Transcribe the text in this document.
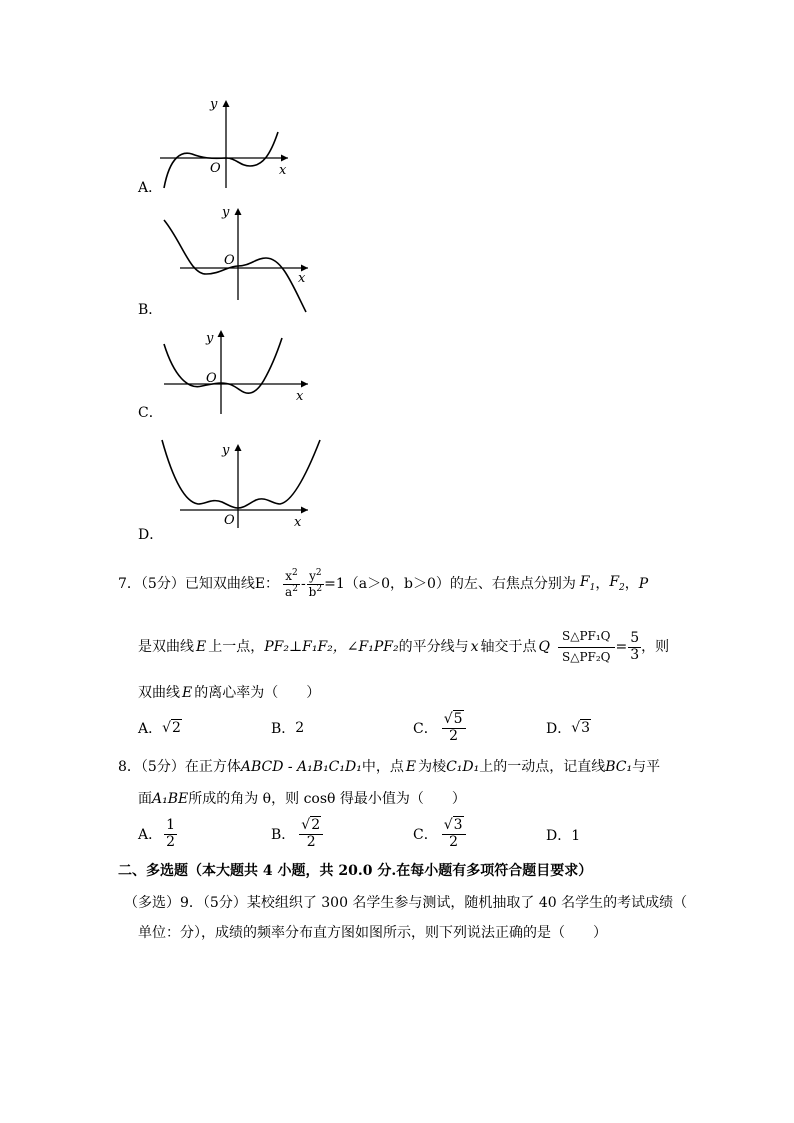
y
O	x
A．
y
O
x
B．
y
O
x
C．
y
O	x
D．
7．（5分）已知双曲线E： $\frac{x^2}{a^2} - \frac{y^2}{b^2} =1(a>0$，b＞0）的左、右焦点分别为 $F_1$ ， $F_2$ ， P
是双曲线 E 上一点， PF₂⊥F₁F₂，∠F₁PF₂ 的平分线与 x 轴交于点 Q $\frac{\text{S△PF₁Q}}{\text{S△PF₂Q}} = \frac{5}{3}$ ，则
双曲线 E 的离心率为（　　）
A． √2	B． 2	C． $\frac{√5}{2}$	D． √3
8．（5分）在正方体ABCD - A₁B₁C₁D₁中，点 E 为棱C₁D₁上的一动点，记直线BC₁与平
面A₁BE所成的角为 θ，则 cosθ 得最小值为（　　）
A． $\frac{1}{2}$	B． $\frac{√2}{2}$	C． $\frac{√3}{2}$	D．1
二、多选题（本大题共 4 小题，共 20.0 分.在每小题有多项符合题目要求）
（多选）9．（5分）某校组织了 300 名学生参与测试，随机抽取了 40 名学生的考试成绩（
单位：分），成绩的频率分布直方图如图所示，则下列说法正确的是（　　）
